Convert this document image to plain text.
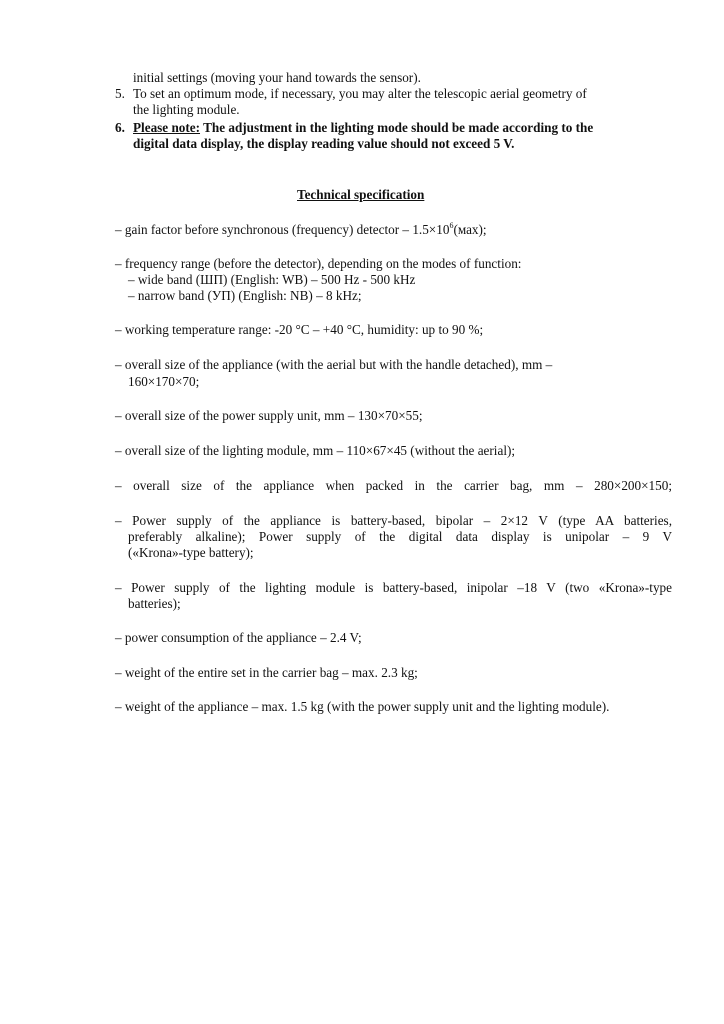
initial settings (moving your hand towards the sensor).
5. To set an optimum mode, if necessary, you may alter the telescopic aerial geometry of
the lighting module.
6. Please note: The adjustment in the lighting mode should be made according to the
digital data display, the display reading value should not exceed 5 V.
Technical specification
– gain factor before synchronous (frequency) detector – $1.5\times 10^6(мах)$;
– frequency range (before the detector), depending on the modes of function:
– wide band (ШП) (English: WB) – 500 Hz - 500 kHz
– narrow band (УП) (English: NB) – 8 kHz;
– working temperature range: -20 °С – +40 °С, humidity: up to 90 %;
– overall size of the appliance (with the aerial but with the handle detached), mm –
160×170×70;
– overall size of the power supply unit, mm – 130×70×55;
– overall size of the lighting module, mm – 110×67×45 (without the aerial);
– overall size of the appliance when packed in the carrier bag, mm – 280×200×150;
– Power supply of the appliance is battery-based, bipolar – 2×12 V (type AA batteries,
preferably alkaline); Power supply of the digital data display is unipolar – 9 V
(«Krona»-type battery);
– Power supply of the lighting module is battery-based, inipolar –18 V (two «Krona»-type
batteries);
– power consumption of the appliance – 2.4 V;
– weight of the entire set in the carrier bag – max. 2.3 kg;
– weight of the appliance – max. 1.5 kg (with the power supply unit and the lighting module).
